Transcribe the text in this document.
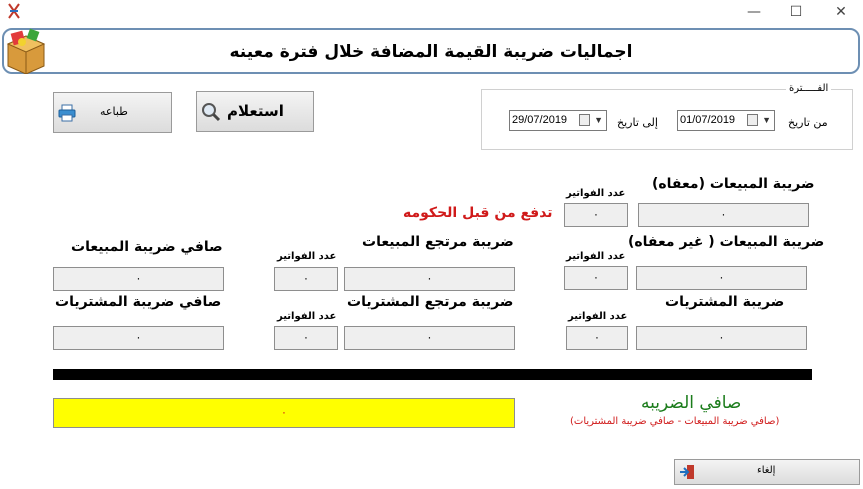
—	☐	✕
اجماليات ضريبة القيمة المضافة خلال فترة معينه
طباعه	استعلام
الفـــــترة
من تاريخ
01/07/2019	▼
إلى تاريخ
29/07/2019	▼
ضريبة المبيعات (معفاه)
عدد الفواتير
٠	٠
تدفع من قبل الحكومه
ضريبة المبيعات ( غير معفاه)
عدد الفواتير
٠	٠
ضريبة المشتريات
عدد الفواتير
٠	٠
ضريبة مرتجع المبيعات
عدد الفواتير
٠	٠
ضريبة مرتجع المشتريات
عدد الفواتير
٠	٠
صافي ضريبة المبيعات
٠
صافي ضريبة المشتريات
٠
٠	صافي الضريبه
(صافي ضريبة المبيعات - صافي ضريبة المشتريات)
إلغاء
